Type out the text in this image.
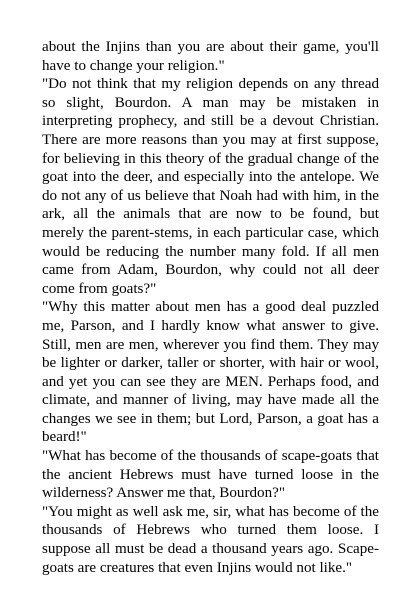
about the Injins than you are about their game, you'll have to change your religion."

"Do not think that my religion depends on any thread so slight, Bourdon. A man may be mistaken in interpreting prophecy, and still be a devout Christian. There are more reasons than you may at first suppose, for believing in this theory of the gradual change of the goat into the deer, and especially into the antelope. We do not any of us believe that Noah had with him, in the ark, all the animals that are now to be found, but merely the parent-stems, in each particular case, which would be reducing the number many fold. If all men came from Adam, Bourdon, why could not all deer come from goats?"

"Why this matter about men has a good deal puzzled me, Parson, and I hardly know what answer to give. Still, men are men, wherever you find them. They may be lighter or darker, taller or shorter, with hair or wool, and yet you can see they are MEN. Perhaps food, and climate, and manner of living, may have made all the changes we see in them; but Lord, Parson, a goat has a beard!"

"What has become of the thousands of scape-goats that the ancient Hebrews must have turned loose in the wilderness? Answer me that, Bourdon?"

"You might as well ask me, sir, what has become of the thousands of Hebrews who turned them loose. I suppose all must be dead a thousand years ago. Scape-goats are creatures that even Injins would not like."
